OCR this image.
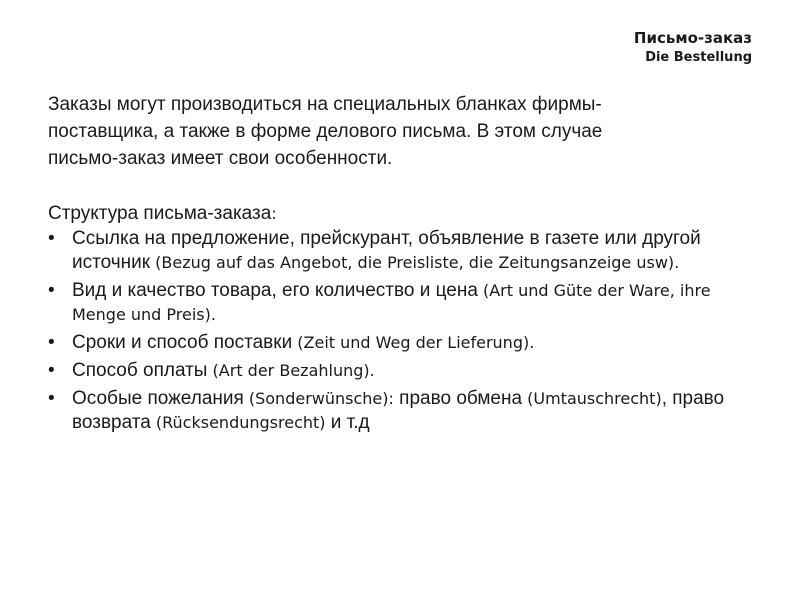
Письмо-заказ
Die Bestellung

Заказы могут производиться на специальных бланках фирмы-

поставщика, а также в форме делового письма. В этом случае

письмо-заказ имеет свои особенности.

Структура письма-заказа:

• Ссылка на предложение, прейскурант, объявление в газете или другой источник (Bezug auf das Angebot, die Preisliste, die Zeitungsanzeige usw).
• Вид и качество товара, его количество и цена (Art und Güte der Ware, ihre Menge und Preis).
• Сроки и способ поставки (Zeit und Weg der Lieferung).
• Способ оплаты (Art der Bezahlung).
• Особые пожелания (Sonderwünsche): право обмена (Umtauschrecht), право возврата (Rücksendungsrecht) и т.д
